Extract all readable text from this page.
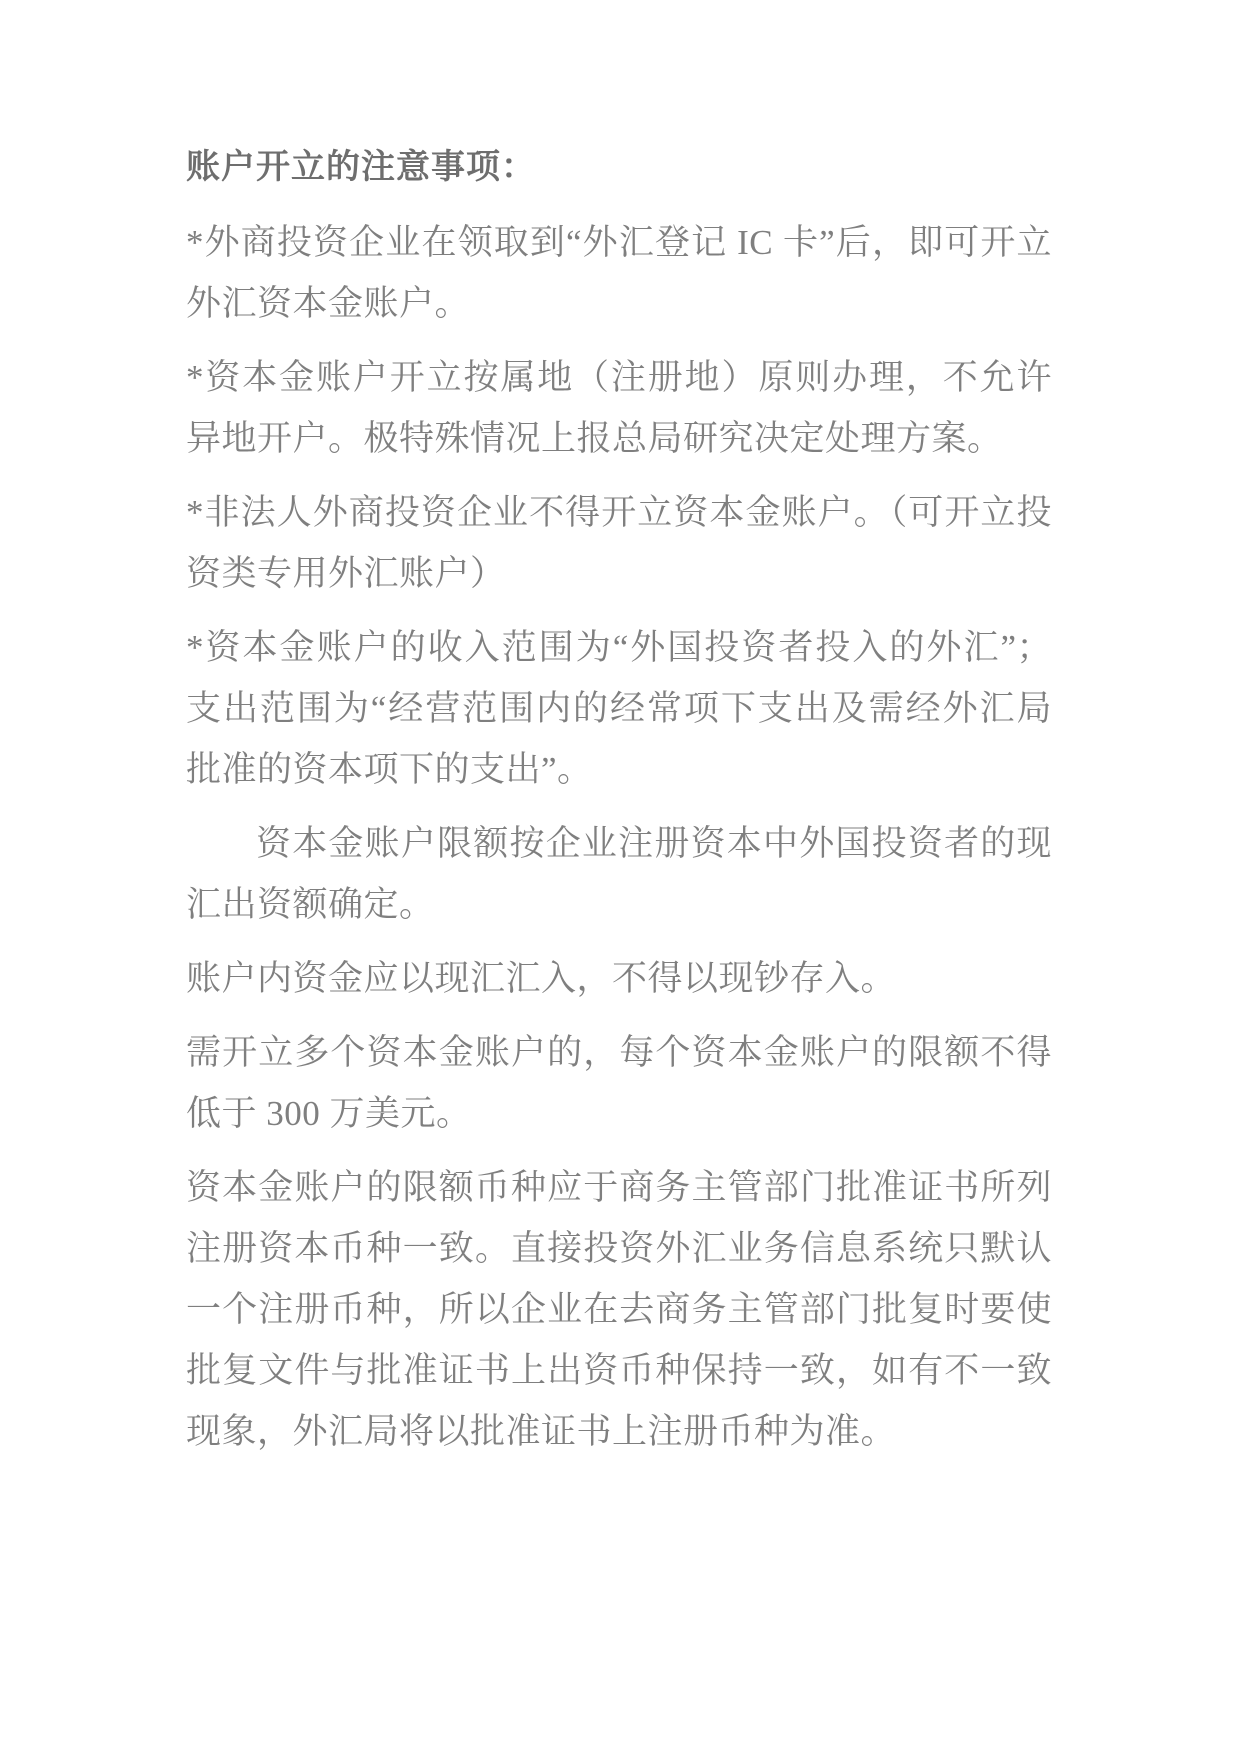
账户开立的注意事项：

*外商投资企业在领取到“外汇登记 IC 卡”后，即可开立外汇资本金账户。

*资本金账户开立按属地（注册地）原则办理，不允许异地开户。极特殊情况上报总局研究决定处理方案。

*非法人外商投资企业不得开立资本金账户。（可开立投资类专用外汇账户）

*资本金账户的收入范围为“外国投资者投入的外汇”；支出范围为“经营范围内的经常项下支出及需经外汇局批准的资本项下的支出”。

资本金账户限额按企业注册资本中外国投资者的现汇出资额确定。

账户内资金应以现汇汇入，不得以现钞存入。

需开立多个资本金账户的，每个资本金账户的限额不得低于 300 万美元。

资本金账户的限额币种应于商务主管部门批准证书所列注册资本币种一致。直接投资外汇业务信息系统只默认一个注册币种，所以企业在去商务主管部门批复时要使批复文件与批准证书上出资币种保持一致，如有不一致现象，外汇局将以批准证书上注册币种为准。
